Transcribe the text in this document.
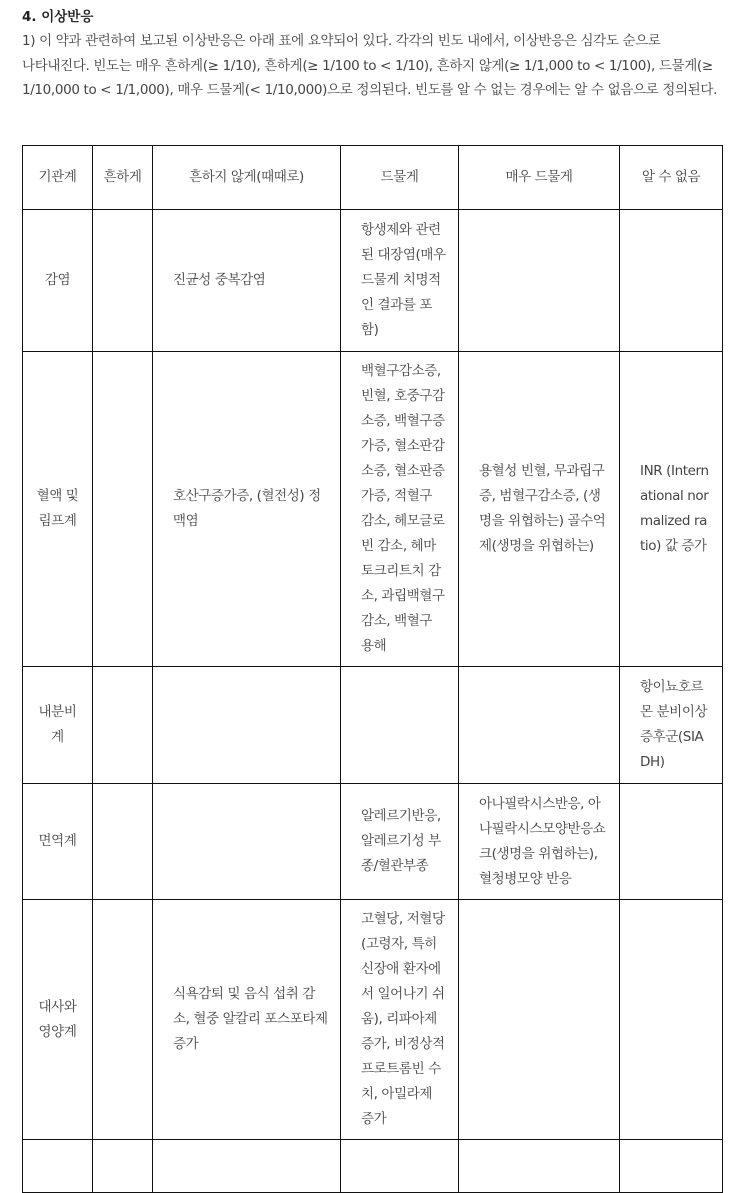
4. 이상반응
1) 이 약과 관련하여 보고된 이상반응은 아래 표에 요약되어 있다. 각각의 빈도 내에서, 이상반응은 심각도 순으로 나타내진다. 빈도는 매우 흔하게(≥ 1/10), 흔하게(≥ 1/100 to < 1/10), 흔하지 않게(≥ 1/1,000 to < 1/100), 드물게(≥ 1/10,000 to < 1/1,000), 매우 드물게(< 1/10,000)으로 정의된다. 빈도를 알 수 없는 경우에는 알 수 없음으로 정의된다.
기관계	흔하게	흔하지 않게(때때로)	드물게	매우 드물게	알 수 없음
감염		진균성 중복감염	항생제와 관련된 대장염(매우 드물게 치명적인 결과를 포함)		
혈액 및 림프계		호산구증가증, (혈전성) 정맥염	백혈구감소증, 빈혈, 호중구감소증, 백혈구증가증, 혈소판감소증, 혈소판증가증, 적혈구 감소, 헤모글로빈 감소, 헤마토크리트치 감소, 과립백혈구 감소, 백혈구 용해	용혈성 빈혈, 무과립구증, 범혈구감소증, (생명을 위협하는) 골수억제(생명을 위협하는)	INR (International normalized ratio) 값 증가
내분비계					항이뇨호르몬 분비이상증후군(SIADH)
면역계			알레르기반응, 알레르기성 부종/혈관부종	아나필락시스반응, 아나필락시스모양반응쇼크(생명을 위협하는), 혈청병모양 반응	
대사와 영양계		식욕감퇴 및 음식 섭취 감소, 혈중 알칼리 포스포타제 증가	고혈당, 저혈당(고령자, 특히 신장애 환자에서 일어나기 쉬움), 리파아제 증가, 비정상적 프로트롬빈 수치, 아밀라제 증가		
